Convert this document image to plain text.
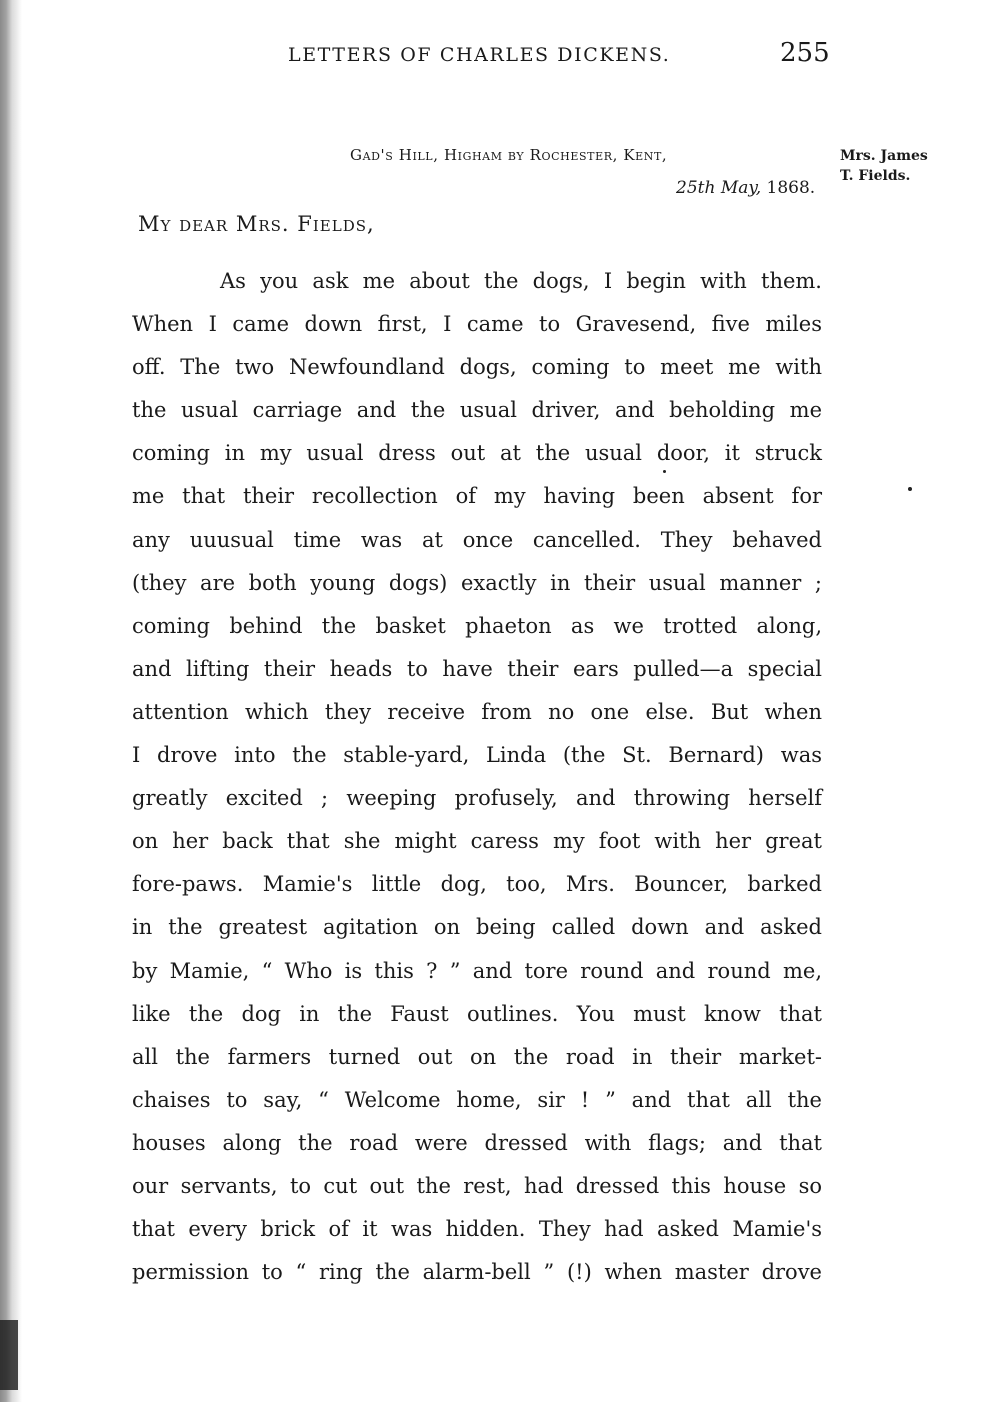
LETTERS OF CHARLES DICKENS.	255
Gad's Hill, Higham by Rochester, Kent,
25th May, 1868.
Mrs. James
T. Fields.
My dear Mrs. Fields,
As you ask me about the dogs, I begin with them.
When I came down first, I came to Gravesend, five miles
off. The two Newfoundland dogs, coming to meet me with
the usual carriage and the usual driver, and beholding me
coming in my usual dress out at the usual door, it struck
me that their recollection of my having been absent for
any uuusual time was at once cancelled. They behaved
(they are both young dogs) exactly in their usual manner ;
coming behind the basket phaeton as we trotted along,
and lifting their heads to have their ears pulled—a special
attention which they receive from no one else. But when
I drove into the stable-yard, Linda (the St. Bernard) was
greatly excited ; weeping profusely, and throwing herself
on her back that she might caress my foot with her great
fore-paws. Mamie's little dog, too, Mrs. Bouncer, barked
in the greatest agitation on being called down and asked
by Mamie, “ Who is this ? ” and tore round and round me,
like the dog in the Faust outlines. You must know that
all the farmers turned out on the road in their market-
chaises to say, “ Welcome home, sir ! ” and that all the
houses along the road were dressed with flags; and that
our servants, to cut out the rest, had dressed this house so
that every brick of it was hidden. They had asked Mamie's
permission to “ ring the alarm-bell ” (!) when master drove
